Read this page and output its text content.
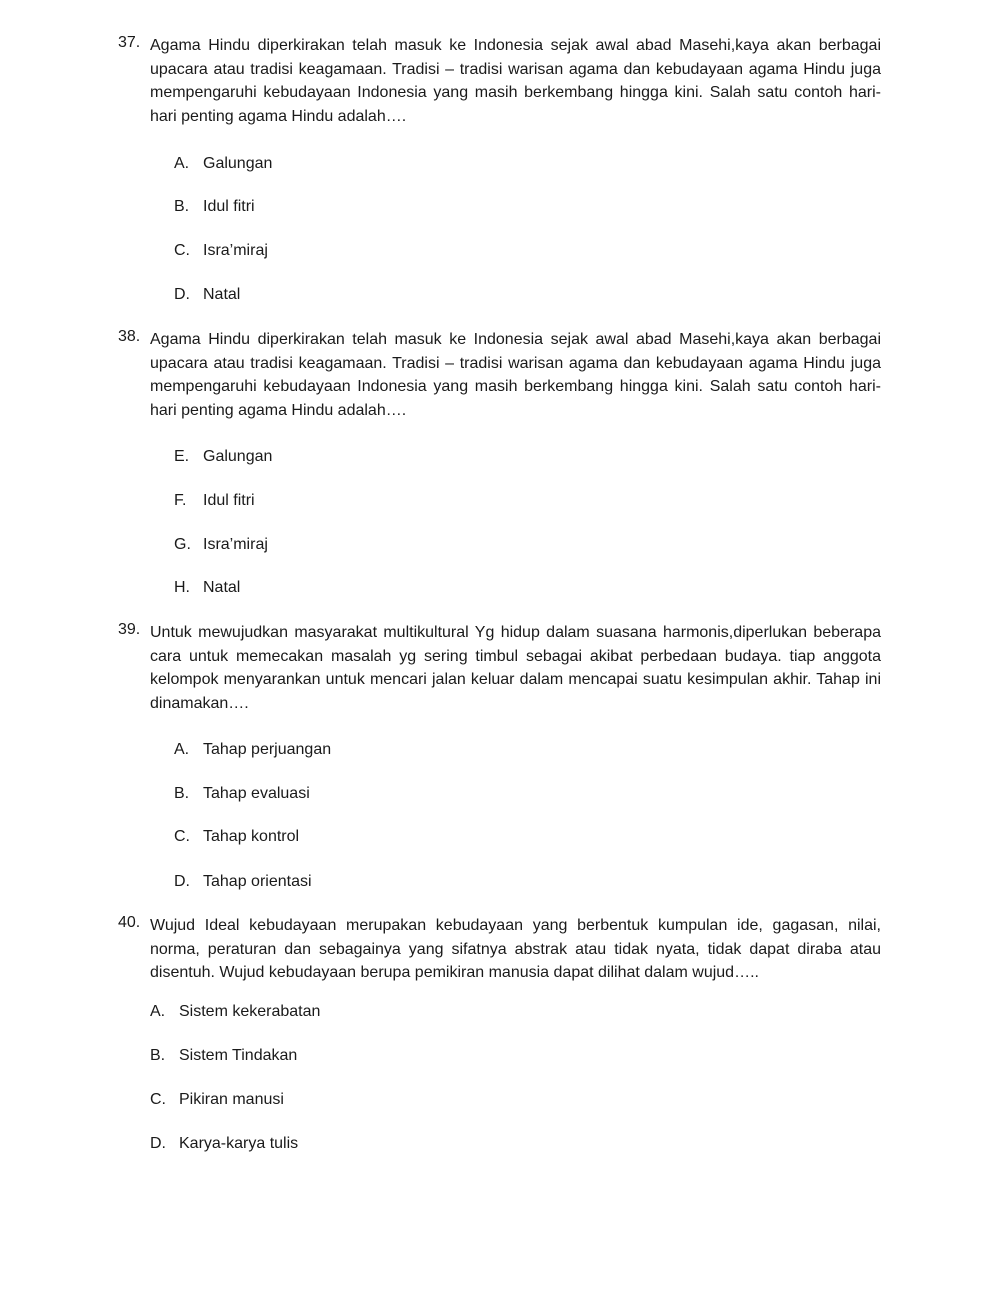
37. Agama Hindu diperkirakan telah masuk ke Indonesia sejak awal abad Masehi,kaya akan berbagai upacara atau tradisi keagamaan. Tradisi – tradisi warisan agama dan kebudayaan agama Hindu juga mempengaruhi kebudayaan Indonesia yang masih berkembang hingga kini. Salah satu contoh hari-hari penting agama Hindu adalah….
A. Galungan
B. Idul fitri
C. Isra’miraj
D. Natal
38. Agama Hindu diperkirakan telah masuk ke Indonesia sejak awal abad Masehi,kaya akan berbagai upacara atau tradisi keagamaan. Tradisi – tradisi warisan agama dan kebudayaan agama Hindu juga mempengaruhi kebudayaan Indonesia yang masih berkembang hingga kini. Salah satu contoh hari-hari penting agama Hindu adalah….
E. Galungan
F. Idul fitri
G. Isra’miraj
H. Natal
39. Untuk mewujudkan masyarakat multikultural Yg hidup dalam suasana harmonis,diperlukan beberapa cara untuk memecakan masalah yg sering timbul sebagai akibat perbedaan budaya. tiap anggota kelompok menyarankan untuk mencari jalan keluar dalam mencapai suatu kesimpulan akhir. Tahap ini dinamakan….
A. Tahap perjuangan
B. Tahap evaluasi
C. Tahap kontrol
D. Tahap orientasi
40. Wujud Ideal kebudayaan merupakan kebudayaan yang berbentuk kumpulan ide, gagasan, nilai, norma, peraturan dan sebagainya yang sifatnya abstrak atau tidak nyata, tidak dapat diraba atau disentuh. Wujud kebudayaan berupa pemikiran manusia dapat dilihat dalam wujud…..
A. Sistem kekerabatan
B. Sistem Tindakan
C. Pikiran manusi
D. Karya-karya tulis
